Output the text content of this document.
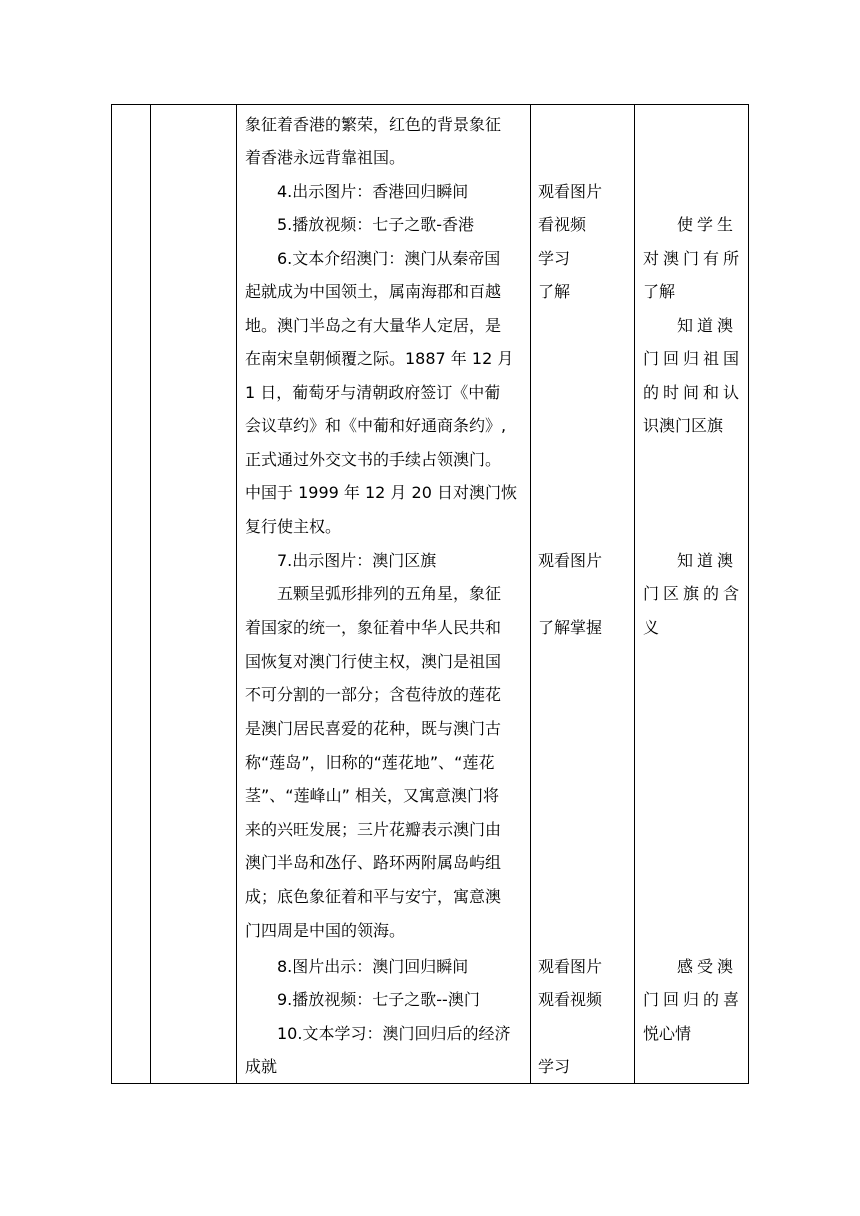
象征着香港的繁荣，红色的背景象征
着香港永远背靠祖国。
4.出示图片：香港回归瞬间
5.播放视频：七子之歌-香港
6.文本介绍澳门：澳门从秦帝国
起就成为中国领土，属南海郡和百越
地。澳门半岛之有大量华人定居，是
在南宋皇朝倾覆之际。1887 年 12 月
1 日，葡萄牙与清朝政府签订《中葡
会议草约》和《中葡和好通商条约》,
正式通过外交文书的手续占领澳门。
中国于 1999 年 12 月 20 日对澳门恢
复行使主权。
7.出示图片：澳门区旗
五颗呈弧形排列的五角星，象征
着国家的统一，象征着中华人民共和
国恢复对澳门行使主权，澳门是祖国
不可分割的一部分；含苞待放的莲花
是澳门居民喜爱的花种，既与澳门古
称“莲岛”，旧称的“莲花地”、“莲花
茎”、“莲峰山” 相关，又寓意澳门将
来的兴旺发展；三片花瓣表示澳门由
澳门半岛和氹仔、路环两附属岛屿组
成；底色象征着和平与安宁，寓意澳
门四周是中国的领海。
8.图片出示：澳门回归瞬间
9.播放视频：七子之歌--澳门
10.文本学习：澳门回归后的经济
成就
观看图片
看视频
学习
了解
观看图片
了解掌握
观看图片
观看视频
学习
使学生
对澳门有所
了解
知道澳
门回归祖国
的时间和认
识澳门区旗
知道澳
门区旗的含
义
感受澳
门回归的喜
悦心情
